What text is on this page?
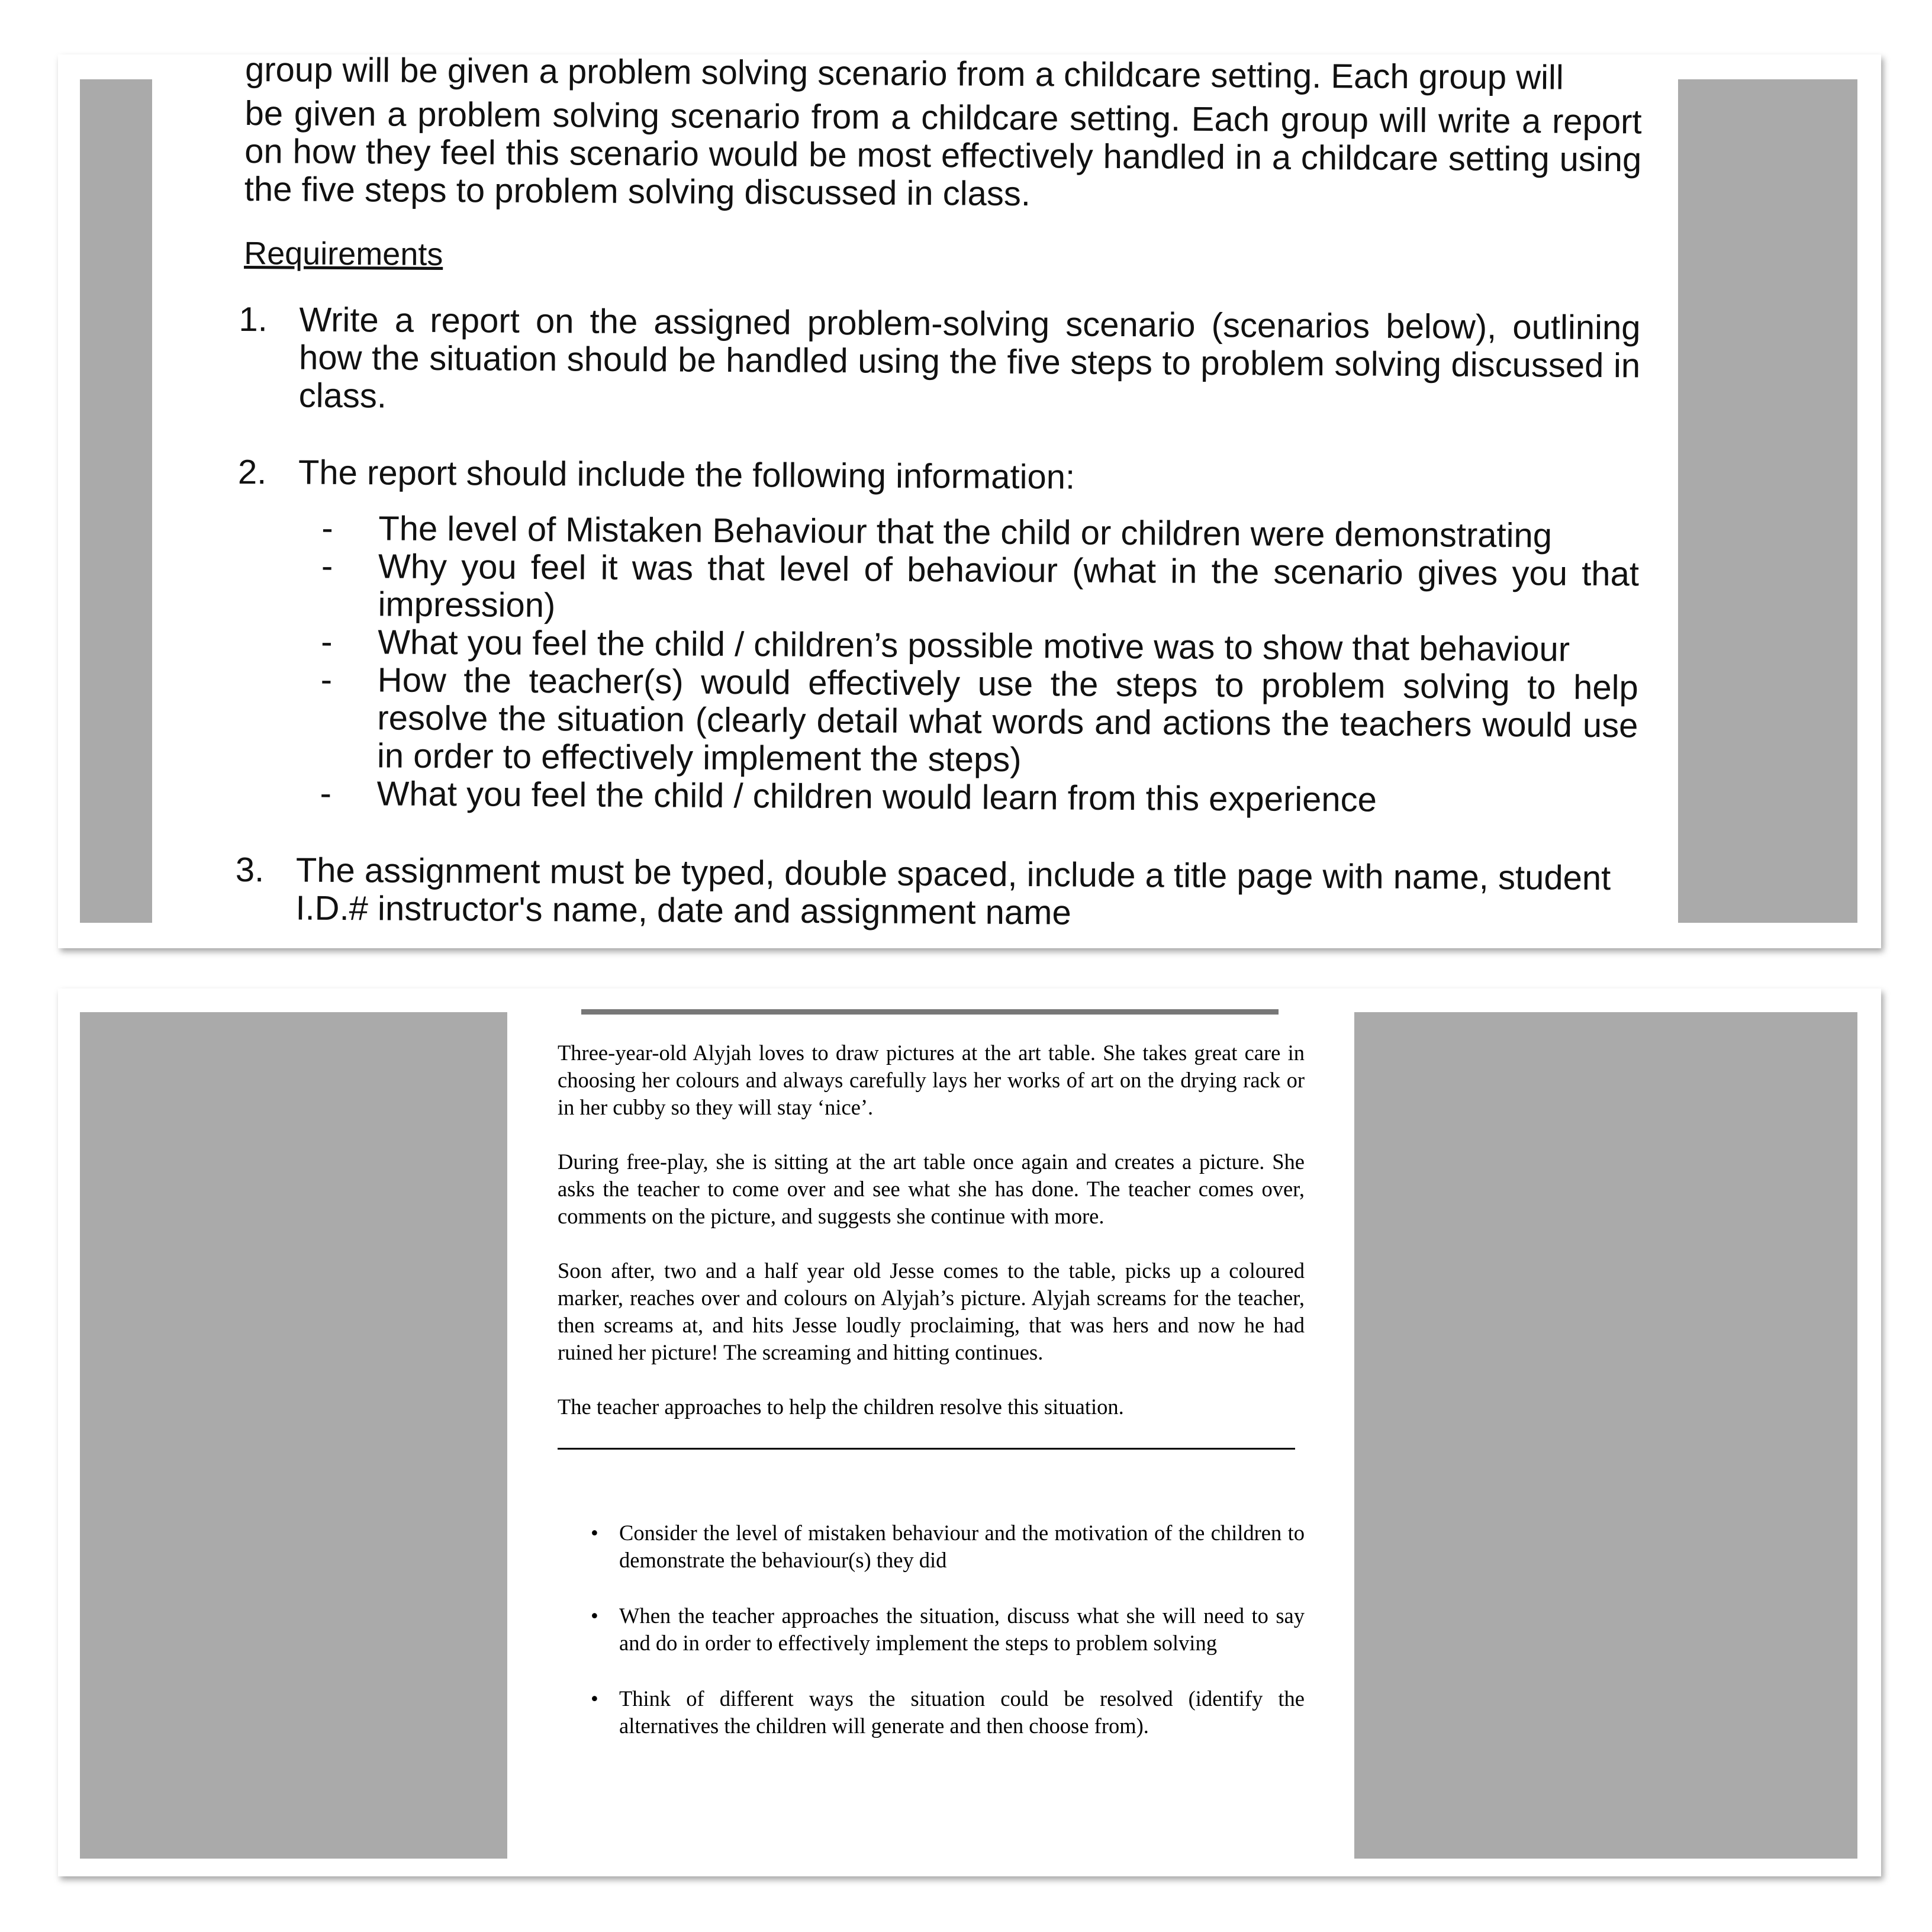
group will be given a problem solving scenario from a childcare setting. Each group will

be given a problem solving scenario from a childcare setting. Each group will write a report on how they feel this scenario would be most effectively handled in a childcare setting using the five steps to problem solving discussed in class.

Requirements
1. Write a report on the assigned problem-solving scenario (scenarios below), outlining how the situation should be handled using the five steps to problem solving discussed in class.
2. The report should include the following information:
- The level of Mistaken Behaviour that the child or children were demonstrating
- Why you feel it was that level of behaviour (what in the scenario gives you that impression)
- What you feel the child / children’s possible motive was to show that behaviour
- How the teacher(s) would effectively use the steps to problem solving to help resolve the situation (clearly detail what words and actions the teachers would use in order to effectively implement the steps)
- What you feel the child / children would learn from this experience
3. The assignment must be typed, double spaced, include a title page with name, student
I.D.# instructor's name, date and assignment name

Three-year-old Alyjah loves to draw pictures at the art table. She takes great care in choosing her colours and always carefully lays her works of art on the drying rack or in her cubby so they will stay ‘nice’.

During free-play, she is sitting at the art table once again and creates a picture. She asks the teacher to come over and see what she has done. The teacher comes over, comments on the picture, and suggests she continue with more.

Soon after, two and a half year old Jesse comes to the table, picks up a coloured marker, reaches over and colours on Alyjah’s picture. Alyjah screams for the teacher, then screams at, and hits Jesse loudly proclaiming, that was hers and now he had ruined her picture! The screaming and hitting continues.

The teacher approaches to help the children resolve this situation.

• Consider the level of mistaken behaviour and the motivation of the children to demonstrate the behaviour(s) they did
• When the teacher approaches the situation, discuss what she will need to say and do in order to effectively implement the steps to problem solving
• Think of different ways the situation could be resolved (identify the alternatives the children will generate and then choose from).
